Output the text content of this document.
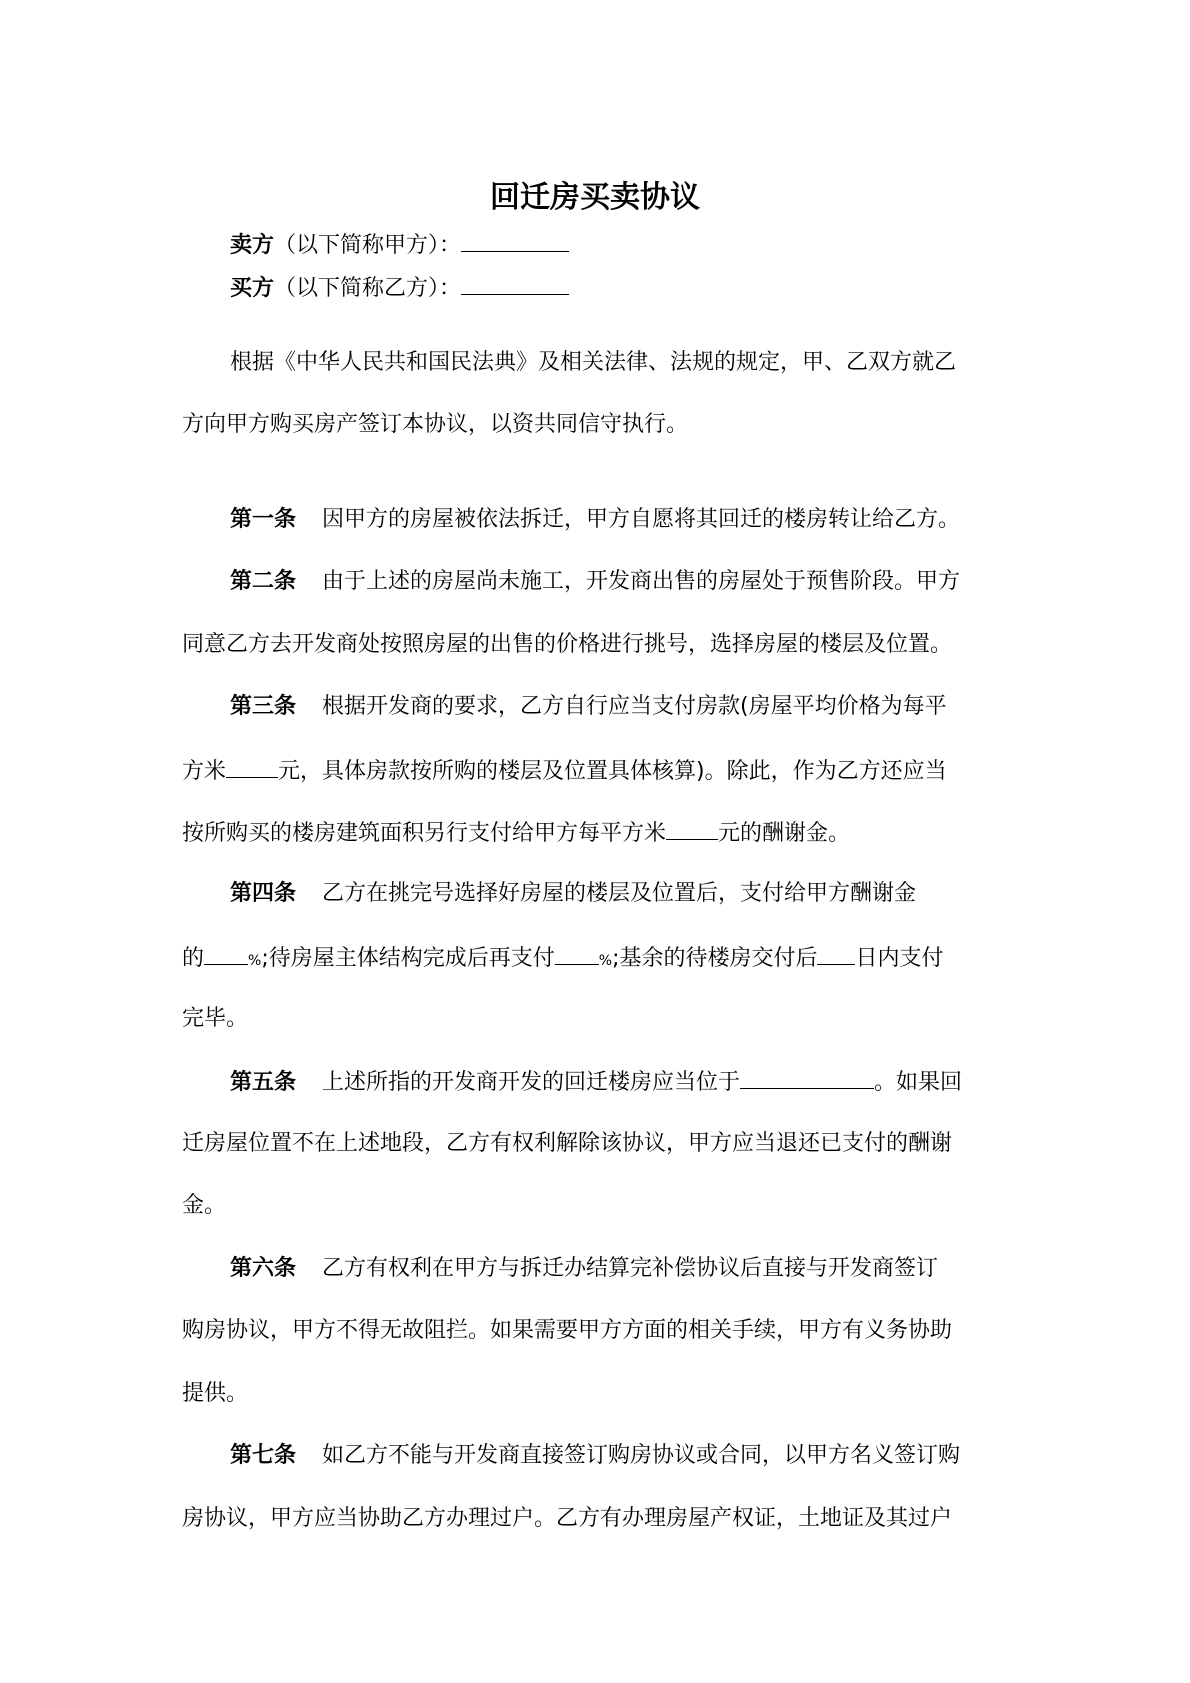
回迁房买卖协议

卖方（以下简称甲方）：

买方（以下简称乙方）：

根据《中华人民共和国民法典》及相关法律、法规的规定，甲、乙双方就乙

方向甲方购买房产签订本协议，以资共同信守执行。

第一条 因甲方的房屋被依法拆迁，甲方自愿将其回迁的楼房转让给乙方。

第二条 由于上述的房屋尚未施工，开发商出售的房屋处于预售阶段。甲方

同意乙方去开发商处按照房屋的出售的价格进行挑号，选择房屋的楼层及位置。

第三条 根据开发商的要求，乙方自行应当支付房款(房屋平均价格为每平

方米 元，具体房款按所购的楼层及位置具体核算)。除此，作为乙方还应当

按所购买的楼房建筑面积另行支付给甲方每平方米 元的酬谢金。

第四条 乙方在挑完号选择好房屋的楼层及位置后，支付给甲方酬谢金

的	%;待房屋主体结构完成后再支付	%;基余的待楼房交付后 日内支付

完毕。

第五条 上述所指的开发商开发的回迁楼房应当位于	。如果回

迁房屋位置不在上述地段，乙方有权利解除该协议，甲方应当退还已支付的酬谢

金。

第六条 乙方有权利在甲方与拆迁办结算完补偿协议后直接与开发商签订

购房协议，甲方不得无故阻拦。如果需要甲方方面的相关手续，甲方有义务协助

提供。

第七条 如乙方不能与开发商直接签订购房协议或合同，以甲方名义签订购

房协议，甲方应当协助乙方办理过户。乙方有办理房屋产权证，土地证及其过户
